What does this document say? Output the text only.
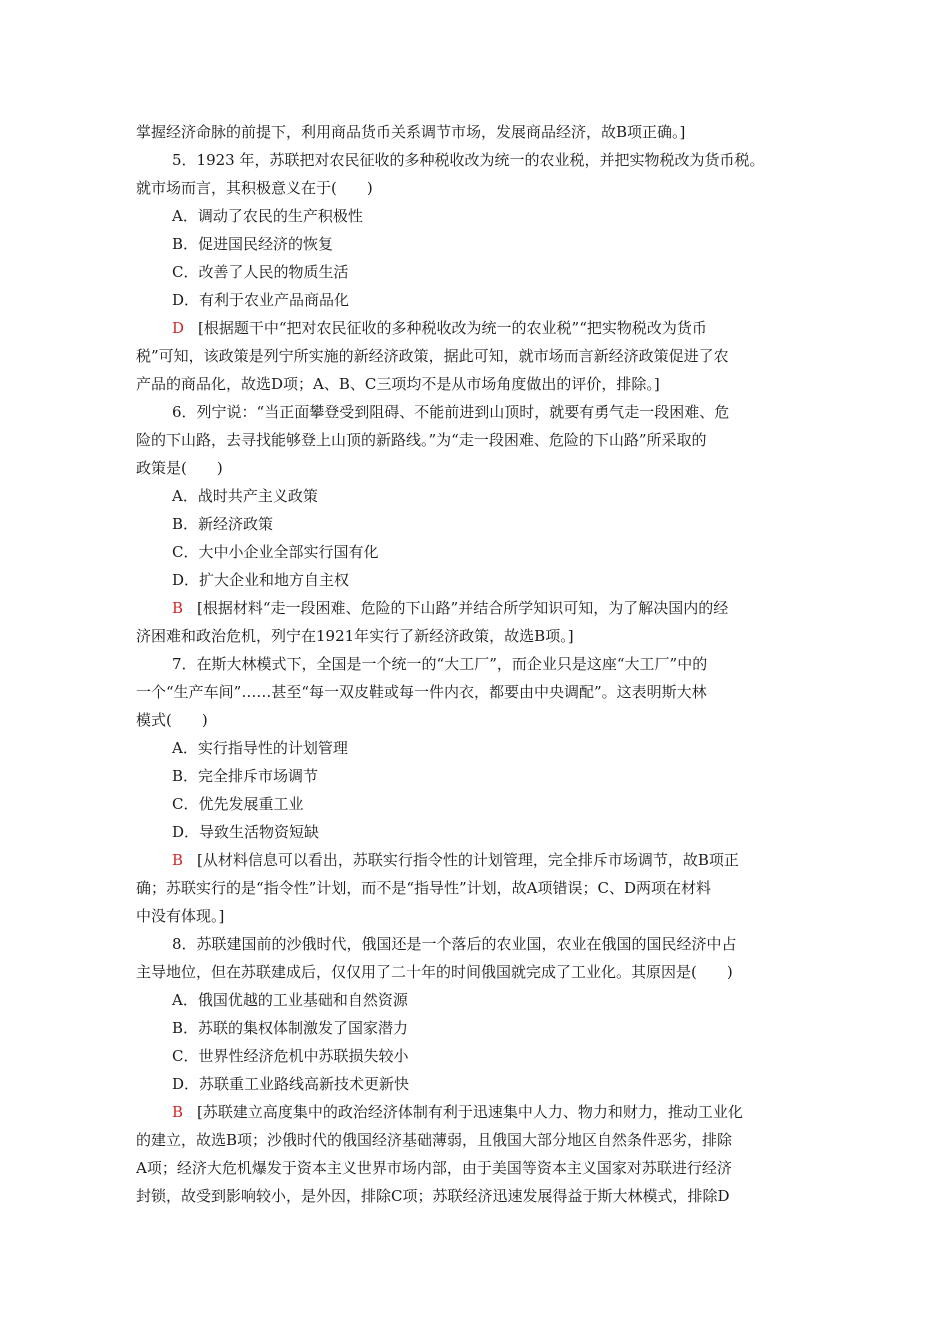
掌握经济命脉的前提下，利用商品货币关系调节市场，发展商品经济，故B项正确。]
5．1923 年，苏联把对农民征收的多种税收改为统一的农业税，并把实物税改为货币税。
就市场而言，其积极意义在于(　　)
A．调动了农民的生产积极性
B．促进国民经济的恢复
C．改善了人民的物质生活
D．有利于农业产品商品化
D [根据题干中“把对农民征收的多种税收改为统一的农业税”“把实物税改为货币
税”可知，该政策是列宁所实施的新经济政策，据此可知，就市场而言新经济政策促进了农
产品的商品化，故选D项；A、B、C三项均不是从市场角度做出的评价，排除。]
6．列宁说：“当正面攀登受到阻碍、不能前进到山顶时，就要有勇气走一段困难、危
险的下山路，去寻找能够登上山顶的新路线。”为“走一段困难、危险的下山路”所采取的
政策是(　　)
A．战时共产主义政策
B．新经济政策
C．大中小企业全部实行国有化
D．扩大企业和地方自主权
B [根据材料“走一段困难、危险的下山路”并结合所学知识可知，为了解决国内的经
济困难和政治危机，列宁在1921年实行了新经济政策，故选B项。]
7．在斯大林模式下，全国是一个统一的“大工厂”，而企业只是这座“大工厂”中的
一个“生产车间”……甚至“每一双皮鞋或每一件内衣，都要由中央调配”。这表明斯大林
模式(　　)
A．实行指导性的计划管理
B．完全排斥市场调节
C．优先发展重工业
D．导致生活物资短缺
B [从材料信息可以看出，苏联实行指令性的计划管理，完全排斥市场调节，故B项正
确；苏联实行的是“指令性”计划，而不是“指导性”计划，故A项错误；C、D两项在材料
中没有体现。]
8．苏联建国前的沙俄时代，俄国还是一个落后的农业国，农业在俄国的国民经济中占
主导地位，但在苏联建成后，仅仅用了二十年的时间俄国就完成了工业化。其原因是(　　)
A．俄国优越的工业基础和自然资源
B．苏联的集权体制激发了国家潜力
C．世界性经济危机中苏联损失较小
D．苏联重工业路线高新技术更新快
B [苏联建立高度集中的政治经济体制有利于迅速集中人力、物力和财力，推动工业化
的建立，故选B项；沙俄时代的俄国经济基础薄弱，且俄国大部分地区自然条件恶劣，排除
A项；经济大危机爆发于资本主义世界市场内部，由于美国等资本主义国家对苏联进行经济
封锁，故受到影响较小，是外因，排除C项；苏联经济迅速发展得益于斯大林模式，排除D
